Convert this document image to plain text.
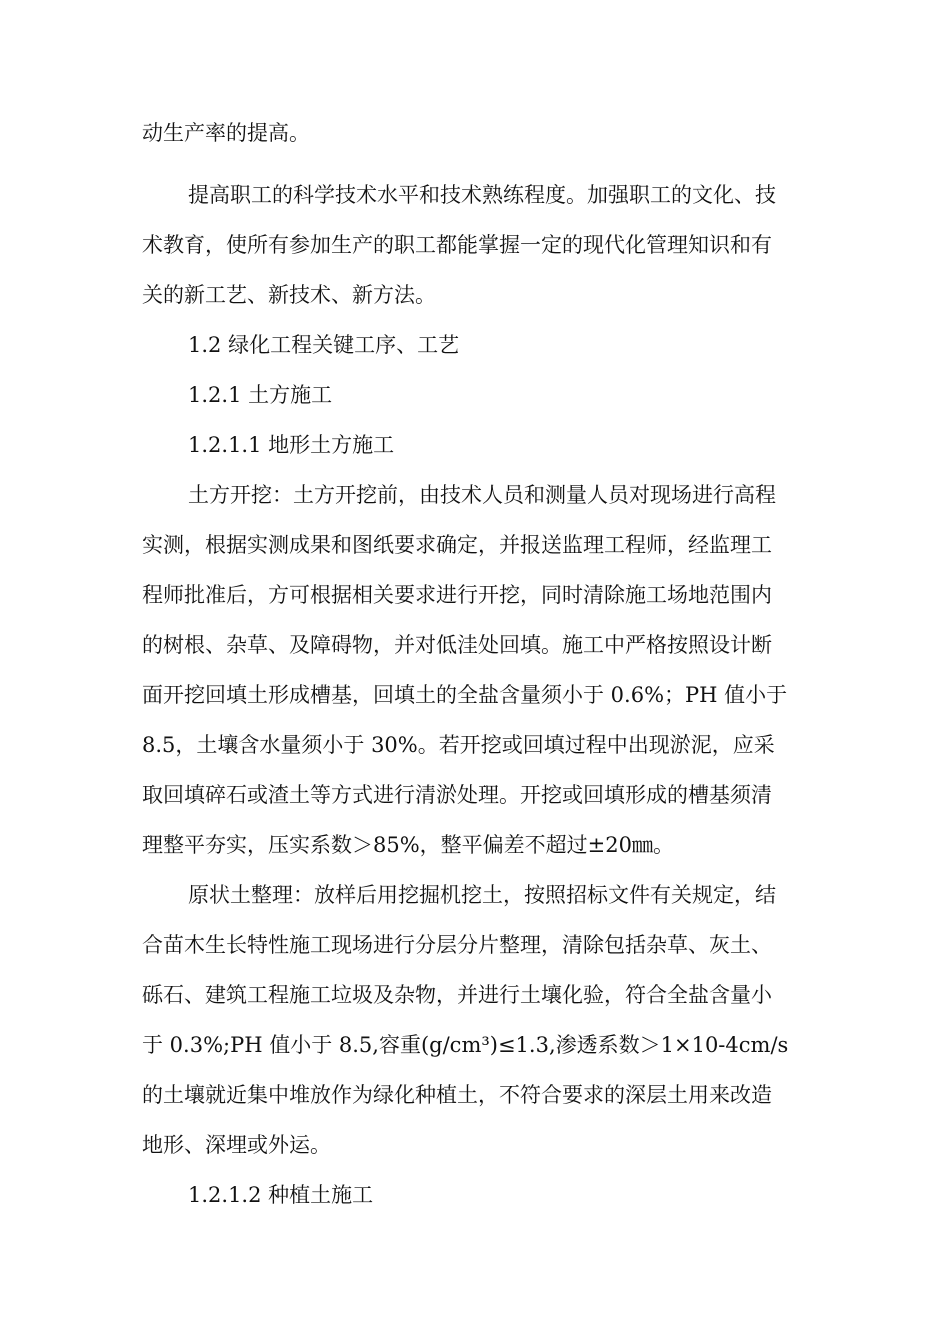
动生产率的提高。
提高职工的科学技术水平和技术熟练程度。加强职工的文化、技
术教育，使所有参加生产的职工都能掌握一定的现代化管理知识和有
关的新工艺、新技术、新方法。
1.2 绿化工程关键工序、工艺
1.2.1 土方施工
1.2.1.1 地形土方施工
土方开挖：土方开挖前，由技术人员和测量人员对现场进行高程
实测，根据实测成果和图纸要求确定，并报送监理工程师，经监理工
程师批准后，方可根据相关要求进行开挖，同时清除施工场地范围内
的树根、杂草、及障碍物，并对低洼处回填。施工中严格按照设计断
面开挖回填土形成槽基，回填土的全盐含量须小于 0.6%；PH 值小于
8.5，土壤含水量须小于 30%。若开挖或回填过程中出现淤泥，应采
取回填碎石或渣土等方式进行清淤处理。开挖或回填形成的槽基须清
理整平夯实，压实系数＞85%，整平偏差不超过±20㎜。
原状土整理：放样后用挖掘机挖土，按照招标文件有关规定，结
合苗木生长特性施工现场进行分层分片整理，清除包括杂草、灰土、
砾石、建筑工程施工垃圾及杂物，并进行土壤化验，符合全盐含量小
于 0.3%;PH 值小于 8.5,容重(g/cm³)≤1.3,渗透系数＞1×10-4cm/s
的土壤就近集中堆放作为绿化种植土，不符合要求的深层土用来改造
地形、深埋或外运。
1.2.1.2 种植土施工
